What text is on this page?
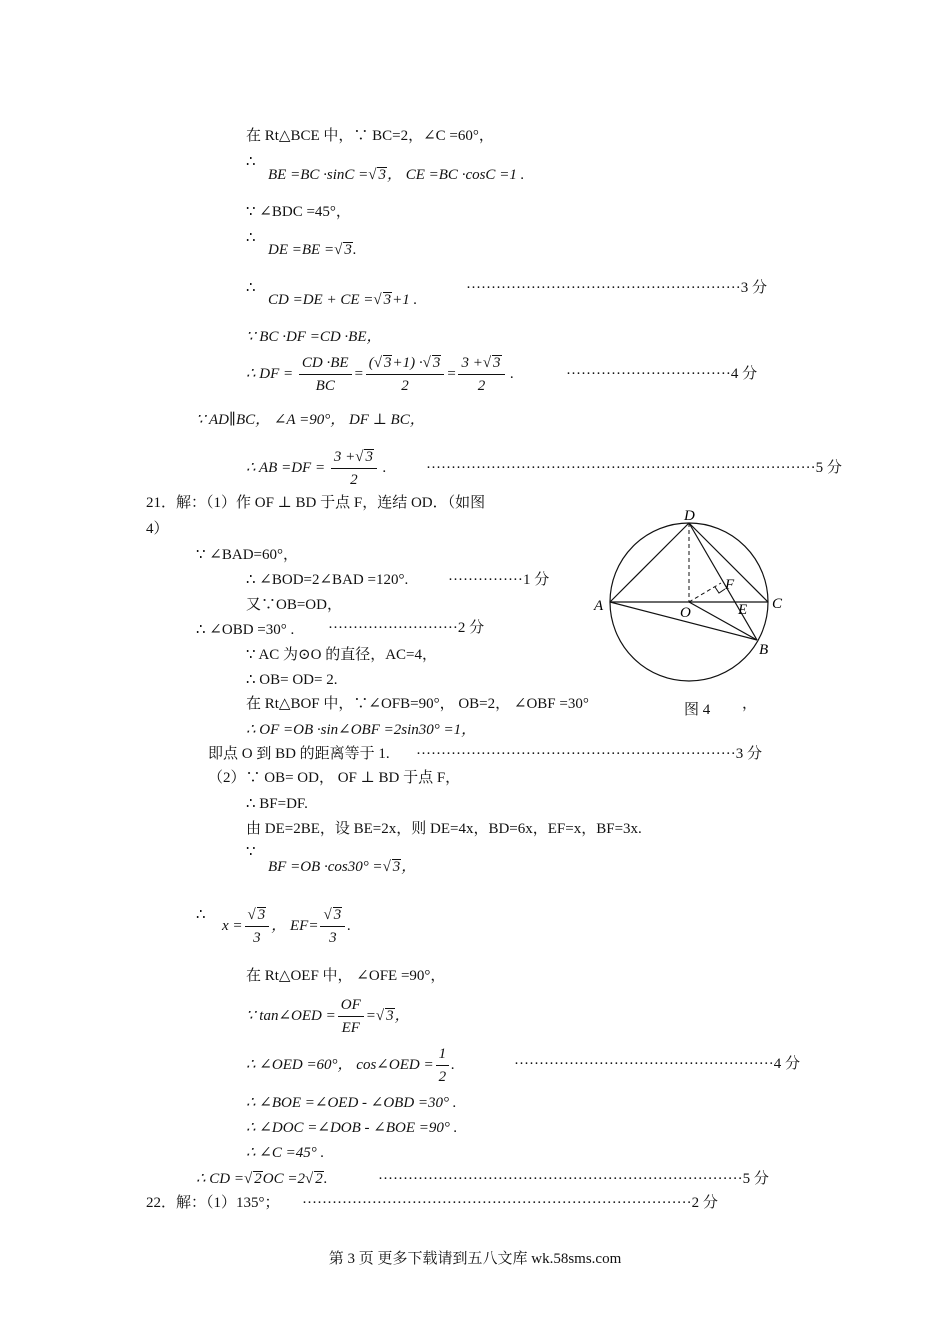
在 Rt△BCE 中，∵ BC=2，∠C =60°，
∴
BE =BC ·sinC =√ 3， CE =BC ·cosC =1 .
∵ ∠BDC =45°，
∴
DE =BE =√ 3.
∴
CD =DE + CE =√ 3+1 .
·······················································3 分
∵ BC ·DF =CD ·BE，
∴ DF = $\frac{CD \cdot BE}{BC} = \frac{(√ 3+1) \cdot√ 3}{2} = \frac{3 +√ 3}{2}$ .	·································4 分
∵ AD∥BC， ∠A =90°， DF ⊥ BC，
∴ AB $=DF = \frac{3 +√ 3}{2}$ .	··············································································5 分
21．解：（1）作 OF ⊥ BD 于点 F，连结 OD．（如图
4）
∵ ∠BAD=60°，
∴ ∠BOD=2∠BAD =120°.	···············1 分
又∵OB=OD，
∴ ∠OBD =30° . ··························2 分
∵ AC 为⊙O 的直径，AC=4，
∴ OB= OD= 2.
在 Rt△BOF 中，∵∠OFB=90°， OB=2， ∠OBF =30°	，
∴ OF =OB ·sin∠OBF =2sin30° =1，
即点 O 到 BD 的距离等于 1. ································································3 分
（2）∵ OB= OD， OF ⊥ BD 于点 F，
∴ BF=DF.
由 DE=2BE，设 BE=2x，则 DE=4x，BD=6x，EF=x，BF=3x.
∵
BF =OB ·cos30° =√ 3，
∴
$x = \frac{√ 3}{3}$ ， $EF= \frac{√ 3}{3}$ .
在 Rt△OEF 中， ∠OFE =90°，
∵ tan∠OED = $\frac{OF}{EF}$ =√ 3，
∴ ∠OED =60°， cos∠OED = $\frac{1}{2}$ .	····················································4 分
∴ ∠BOE =∠OED - ∠OBD =30° .
∴ ∠DOC =∠DOB - ∠BOE =90° .
∴ ∠C =45° .
∴ CD =√ 2OC =2√ 2.	·········································································5 分
22．解：（1）135°； ··············································································2 分
D
A	C
O	E
F
B
图 4
第 3 页 更多下载请到五八文库 wk.58sms.com
